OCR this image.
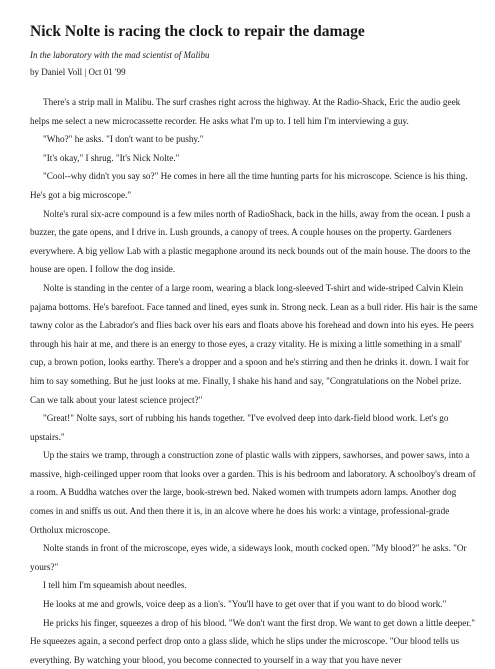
Nick Nolte is racing the clock to repair the damage
In the laboratory with the mad scientist of Malibu
by Daniel Voll | Oct 01 '99

There's a strip mall in Malibu. The surf crashes right across the highway. At the Radio-Shack, Eric the audio geek helps me select a new microcassette recorder. He asks what I'm up to. I tell him I'm interviewing a guy.

"Who?" he asks. "I don't want to be pushy."

"It's okay," I shrug. "It's Nick Nolte."

"Cool--why didn't you say so?" He comes in here all the time hunting parts for his microscope. Science is his thing. He's got a big microscope."

Nolte's rural six-acre compound is a few miles north of RadioShack, back in the hills, away from the ocean. I push a buzzer, the gate opens, and I drive in. Lush grounds, a canopy of trees. A couple houses on the property. Gardeners everywhere. A big yellow Lab with a plastic megaphone around its neck bounds out of the main house. The doors to the house are open. I follow the dog inside.

Nolte is standing in the center of a large room, wearing a black long-sleeved T-shirt and wide-striped Calvin Klein pajama bottoms. He's barefoot. Face tanned and lined, eyes sunk in. Strong neck. Lean as a bull rider. His hair is the same tawny color as the Labrador's and flies back over his ears and floats above his forehead and down into his eyes. He peers through his hair at me, and there is an energy to those eyes, a crazy vitality. He is mixing a little something in a small' cup, a brown potion, looks earthy. There's a dropper and a spoon and he's stirring and then he drinks it. down. I wait for him to say something. But he just looks at me. Finally, I shake his hand and say, "Congratulations on the Nobel prize. Can we talk about your latest science project?"

"Great!" Nolte says, sort of rubbing his hands together. "I've evolved deep into dark-field blood work. Let's go upstairs."

Up the stairs we tramp, through a construction zone of plastic walls with zippers, sawhorses, and power saws, into a massive, high-ceilinged upper room that looks over a garden. This is his bedroom and laboratory. A schoolboy's dream of a room. A Buddha watches over the large, book-strewn bed. Naked women with trumpets adorn lamps. Another dog comes in and sniffs us out. And then there it is, in an alcove where he does his work: a vintage, professional-grade Ortholux microscope.

Nolte stands in front of the microscope, eyes wide, a sideways look, mouth cocked open. "My blood?" he asks. "Or yours?"

I tell him I'm squeamish about needles.

He looks at me and growls, voice deep as a lion's. "You'll have to get over that if you want to do blood work."

He pricks his finger, squeezes a drop of his blood. "We don't want the first drop. We want to get down a little deeper." He squeezes again, a second perfect drop onto a glass slide, which he slips under the microscope. "Our blood tells us everything. By watching your blood, you become connected to yourself in a way that you have never
